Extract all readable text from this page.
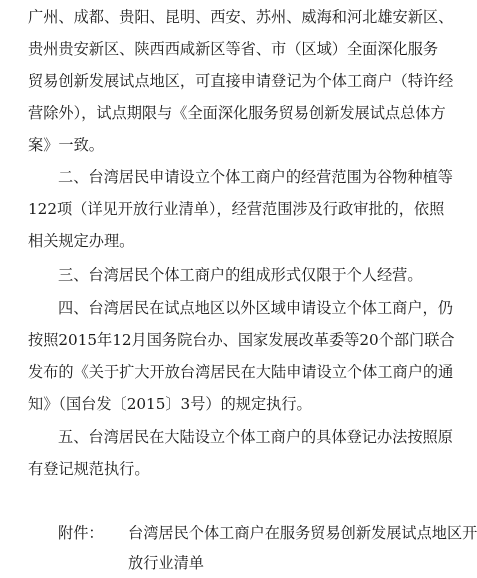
广州、成都、贵阳、昆明、西安、苏州、威海和河北雄安新区、
贵州贵安新区、陕西西咸新区等省、市（区域）全面深化服务
贸易创新发展试点地区，可直接申请登记为个体工商户（特许经
营除外），试点期限与《全面深化服务贸易创新发展试点总体方
案》一致。
二、台湾居民申请设立个体工商户的经营范围为谷物种植等
122项（详见开放行业清单），经营范围涉及行政审批的，依照
相关规定办理。
三、台湾居民个体工商户的组成形式仅限于个人经营。
四、台湾居民在试点地区以外区域申请设立个体工商户，仍
按照2015年12月国务院台办、国家发展改革委等20个部门联合
发布的《关于扩大开放台湾居民在大陆申请设立个体工商户的通
知》（国台发〔2015〕3号）的规定执行。
五、台湾居民在大陆设立个体工商户的具体登记办法按照原
有登记规范执行。
附件： 台湾居民个体工商户在服务贸易创新发展试点地区开
放行业清单
